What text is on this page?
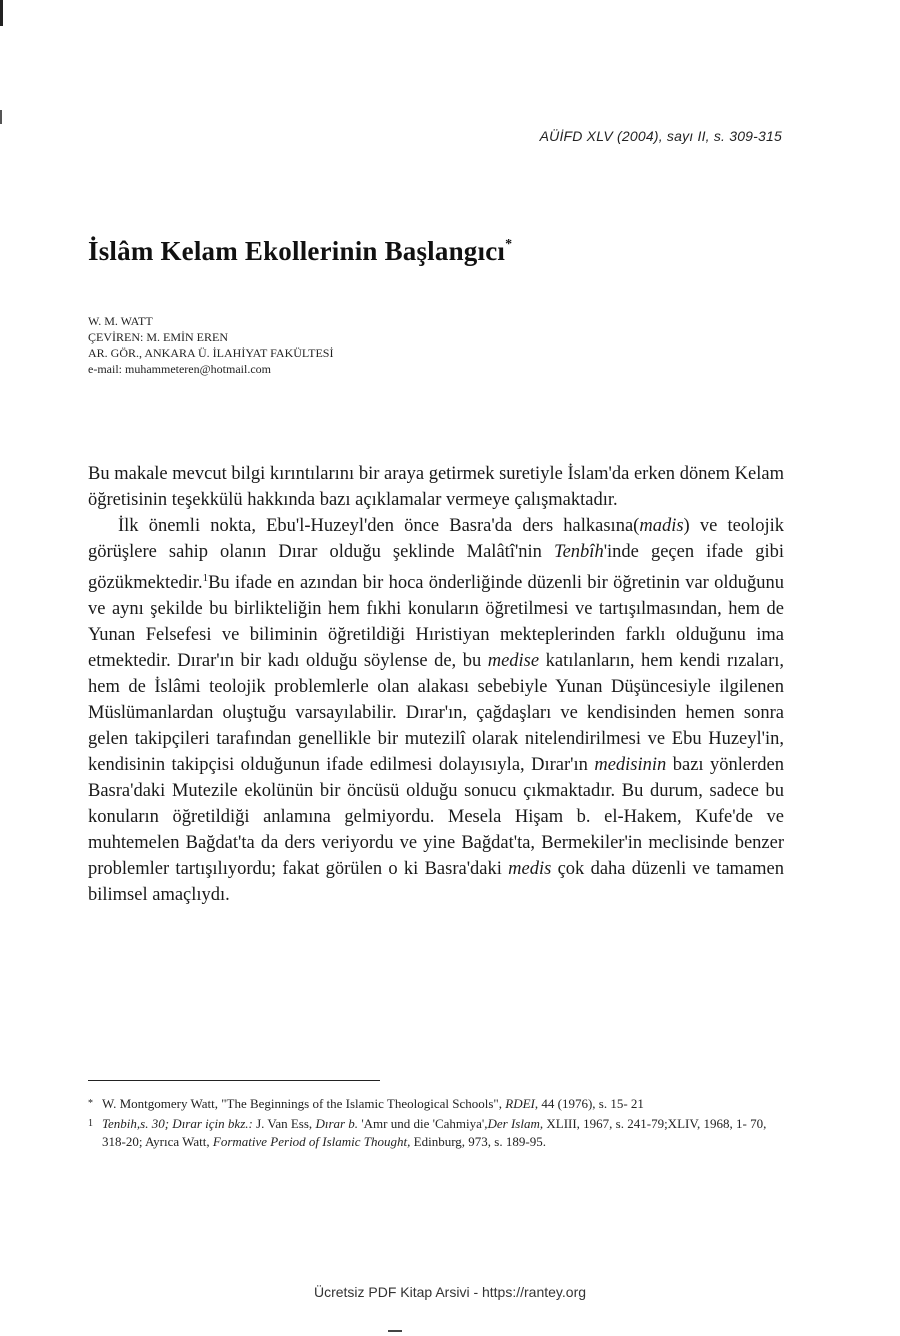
AÜİFD XLV (2004), sayı II, s. 309-315
İslâm Kelam Ekollerinin Başlangıcı*
W. M. WATT
ÇEVİREN: M. EMİN EREN
AR. GÖR., ANKARA Ü. İLAHİYAT FAKÜLTESİ
e-mail: muhammeteren@hotmail.com

Bu makale mevcut bilgi kırıntılarını bir araya getirmek suretiyle İslam'da erken dönem Kelam öğretisinin teşekkülü hakkında bazı açıklamalar vermeye çalışmaktadır.

İlk önemli nokta, Ebu'l-Huzeyl'den önce Basra'da ders halkasına(madis) ve teolojik görüşlere sahip olanın Dırar olduğu şeklinde Malâtî'nin Tenbîh'inde geçen ifade gibi gözükmektedir.$^1$Bu ifade en azından bir hoca önderliğinde düzenli bir öğretinin var olduğunu ve aynı şekilde bu birlikteliğin hem fıkhi konuların öğretilmesi ve tartışılmasından, hem de Yunan Felsefesi ve biliminin öğretildiği Hıristiyan mekteplerinden farklı olduğunu ima etmektedir. Dırar'ın bir kadı olduğu söylense de, bu medise katılanların, hem kendi rızaları, hem de İslâmi teolojik problemlerle olan alakası sebebiyle Yunan Düşüncesiyle ilgilenen Müslümanlardan oluştuğu varsayılabilir. Dırar'ın, çağdaşları ve kendisinden hemen sonra gelen takipçileri tarafından genellikle bir mutezilî olarak nitelendirilmesi ve Ebu Huzeyl'in, kendisinin takipçisi olduğunun ifade edilmesi dolayısıyla, Dırar'ın medisinin bazı yönlerden Basra'daki Mutezile ekolünün bir öncüsü olduğu sonucu çıkmaktadır. Bu durum, sadece bu konuların öğretildiği anlamına gelmiyordu. Mesela Hişam b. el-Hakem, Kufe'de ve muhtemelen Bağdat'ta da ders veriyordu ve yine Bağdat'ta, Bermekiler'in meclisinde benzer problemler tartışılıyordu; fakat görülen o ki Basra'daki medis çok daha düzenli ve tamamen bilimsel amaçlıydı.

* W. Montgomery Watt, "The Beginnings of the Islamic Theological Schools", RDEI, 44 (1976), s. 15- 21
1 Tenbih,s. 30; Dırar için bkz.: J. Van Ess, Dırar b. 'Amr und die 'Cahmiya',Der Islam, XLIII, 1967, s. 241-79;XLIV, 1968, 1- 70, 318-20; Ayrıca Watt, Formative Period of Islamic Thought, Edinburg, 973, s. 189-95.
Ücretsiz PDF Kitap Arsivi - https://rantey.org
